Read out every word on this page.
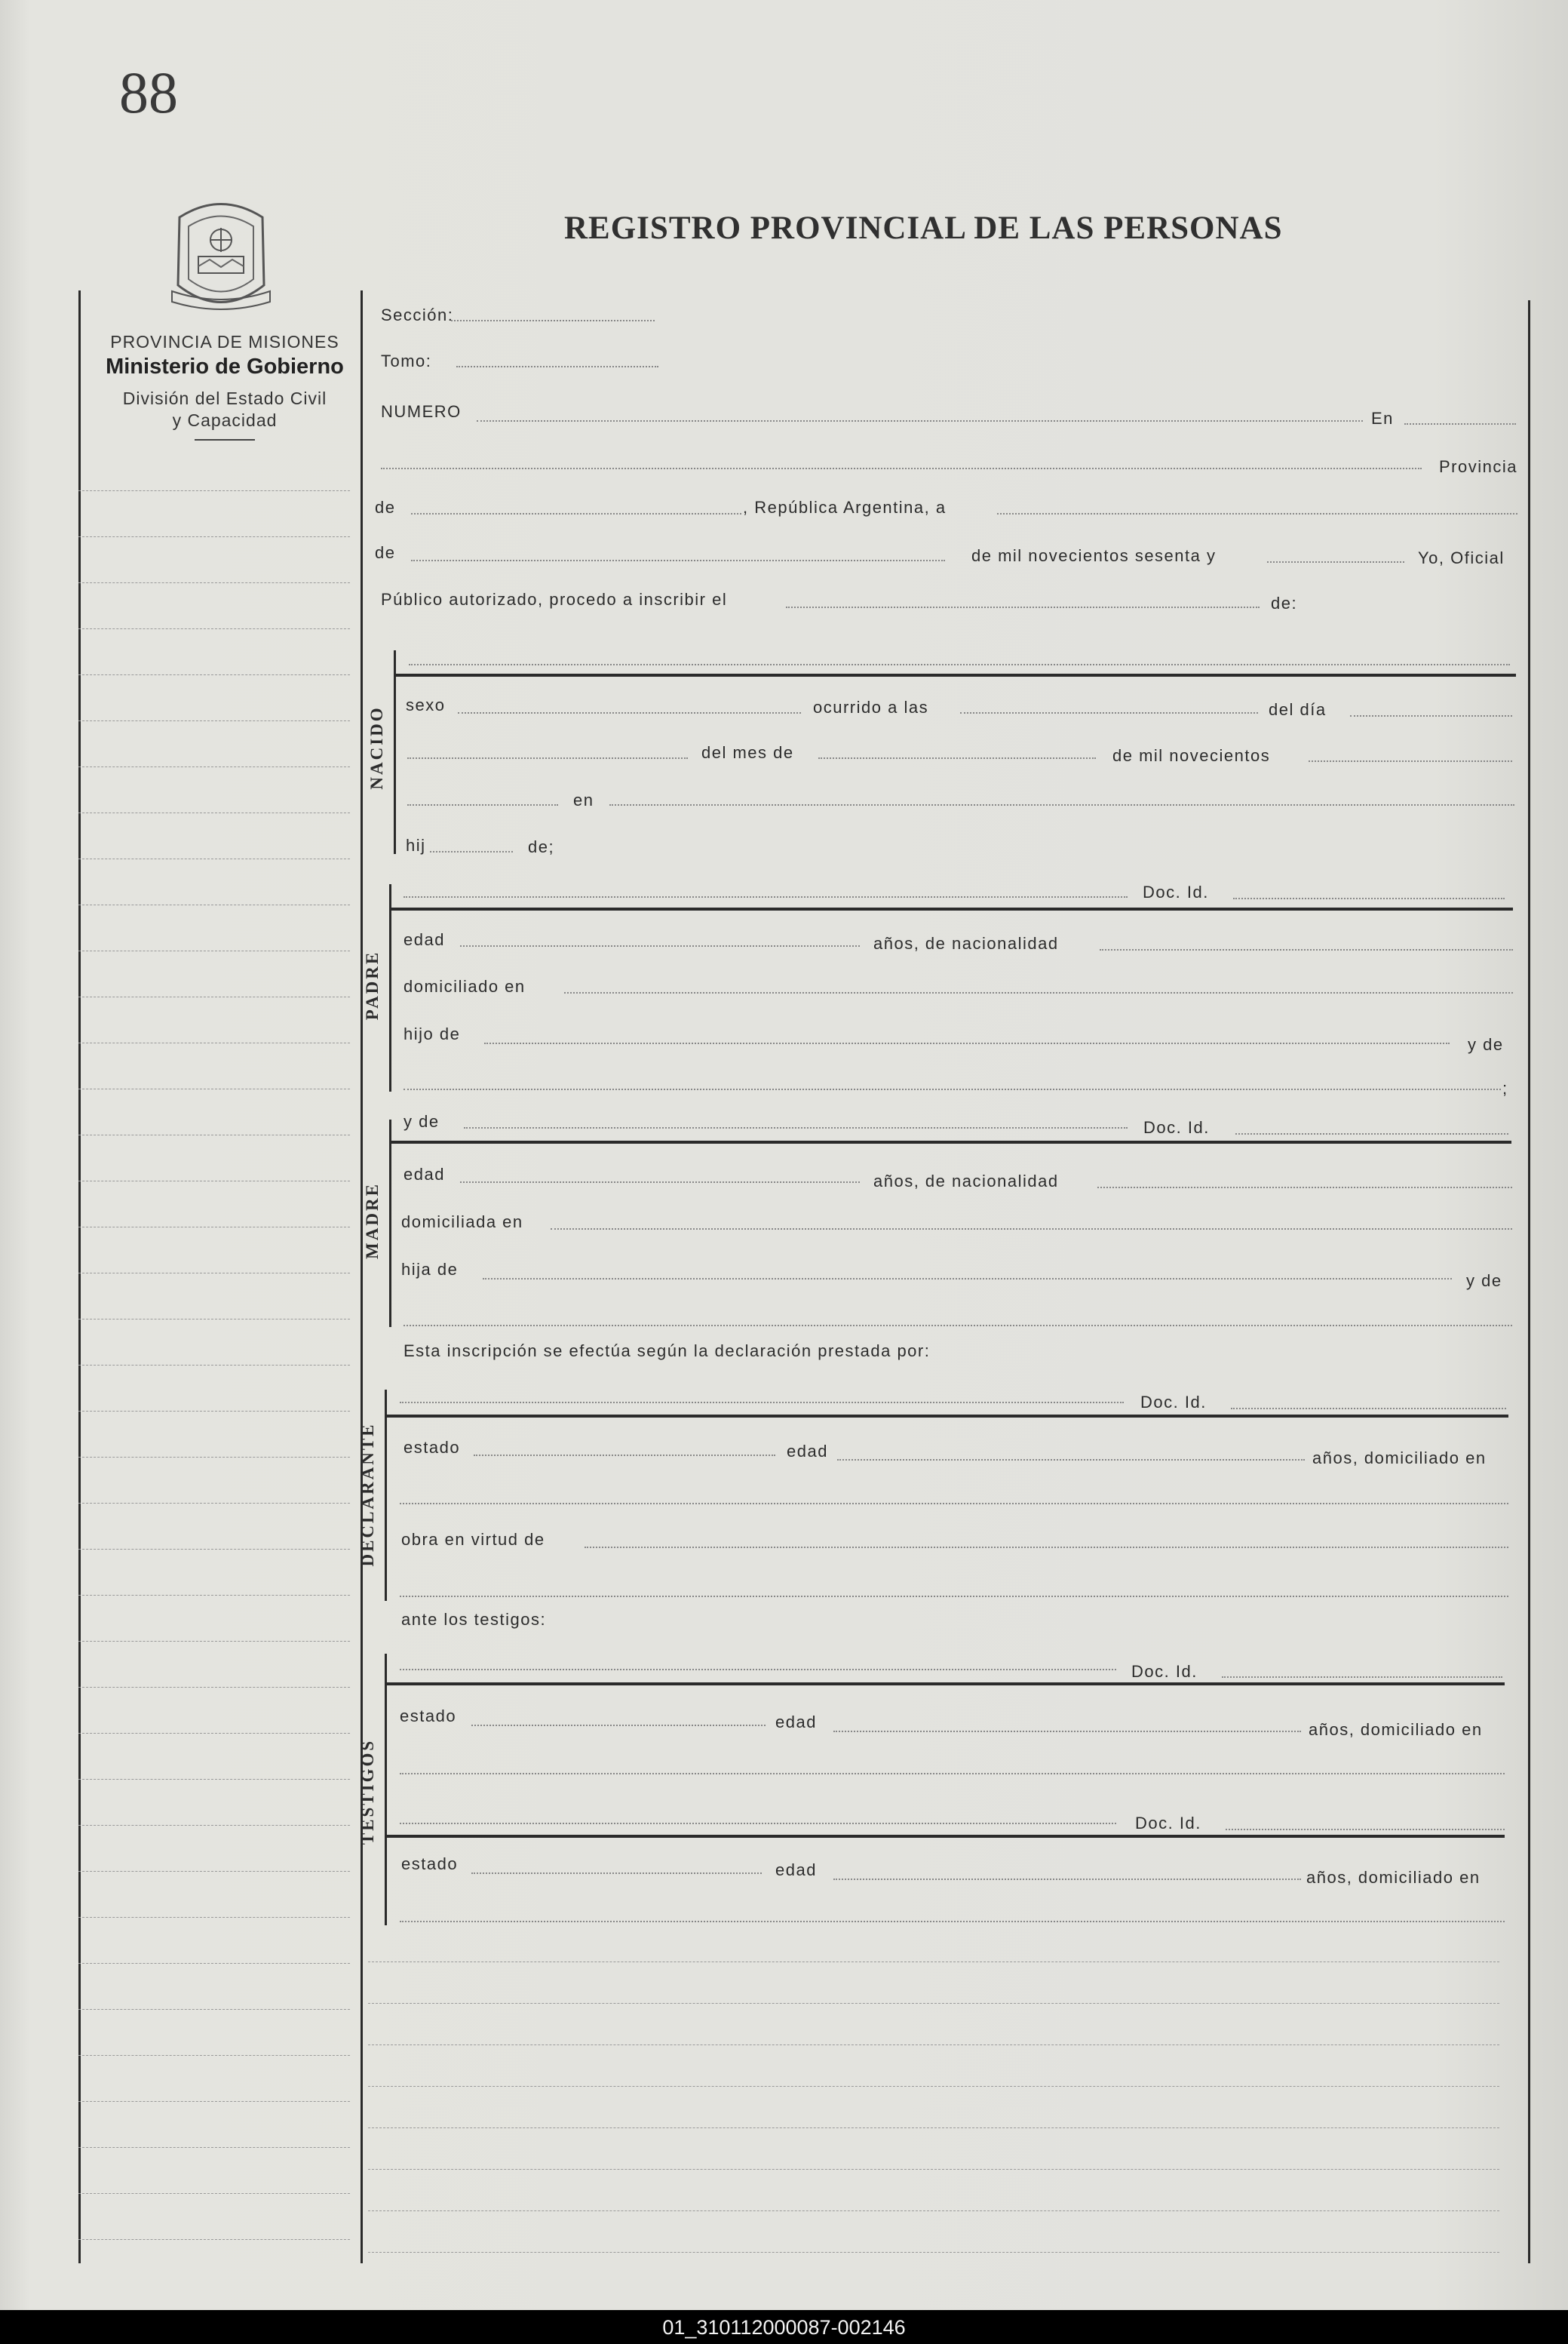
88
REGISTRO PROVINCIAL DE LAS PERSONAS
PROVINCIA DE MISIONES
Ministerio de Gobierno
División del Estado Civil
y Capacidad
Sección:
Tomo:
NUMERO	En
Provincia
de	, República Argentina, a
de	de mil novecientos sesenta y	Yo, Oficial
Público autorizado, procedo a inscribir el	de:
NACIDO
sexo	ocurrido a las	del día
del mes de	de mil novecientos
en
hij	de;
PADRE
Doc. Id.
edad	años, de nacionalidad
domiciliado en
hijo de
y de
;
y de	Doc. Id.
MADRE
edad	años, de nacionalidad
domiciliada en
hija de
y de
Esta inscripción se efectúa según la declaración prestada por:
DECLARANTE
Doc. Id.
estado	edad	años, domiciliado en
obra en virtud de
ante los testigos:
TESTIGOS
Doc. Id.
estado	edad	años, domiciliado en
Doc. Id.
estado	edad	años, domiciliado en
01_310112000087-002146
